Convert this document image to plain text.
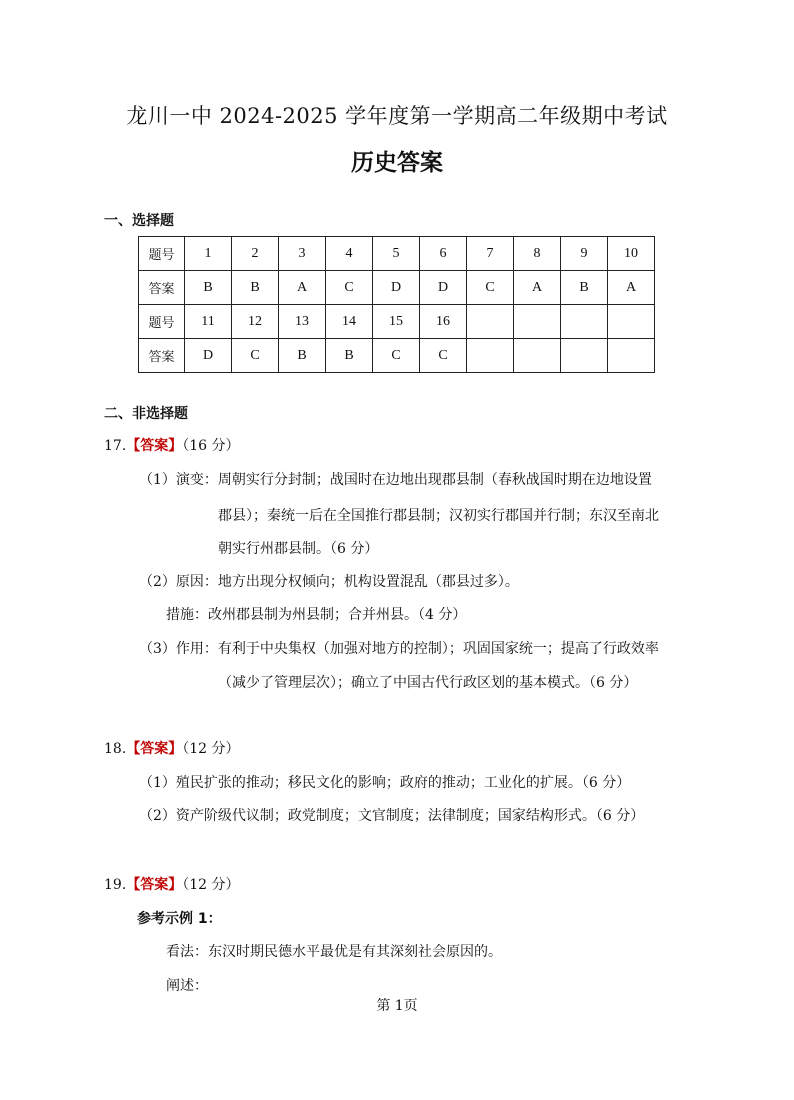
龙川一中 2024-2025 学年度第一学期高二年级期中考试
历史答案
一、选择题
题号	1	2	3	4	5	6	7	8	9	10
答案	B	B	A	C	D	D	C	A	B	A
题号	11	12	13	14	15	16				
答案	D	C	B	B	C	C				
二、非选择题
17.【答案】（16 分）
（1）演变：周朝实行分封制；战国时在边地出现郡县制（春秋战国时期在边地设置
郡县）；秦统一后在全国推行郡县制；汉初实行郡国并行制；东汉至南北
朝实行州郡县制。（6 分）
（2）原因：地方出现分权倾向；机构设置混乱（郡县过多）。
措施：改州郡县制为州县制；合并州县。（4 分）
（3）作用：有利于中央集权（加强对地方的控制）；巩固国家统一；提高了行政效率
（减少了管理层次）；确立了中国古代行政区划的基本模式。（6 分）
18.【答案】（12 分）
（1）殖民扩张的推动；移民文化的影响；政府的推动；工业化的扩展。（6 分）
（2）资产阶级代议制；政党制度；文官制度；法律制度；国家结构形式。（6 分）
19.【答案】（12 分）
参考示例 1：
看法：东汉时期民德水平最优是有其深刻社会原因的。
阐述：
第 1页
